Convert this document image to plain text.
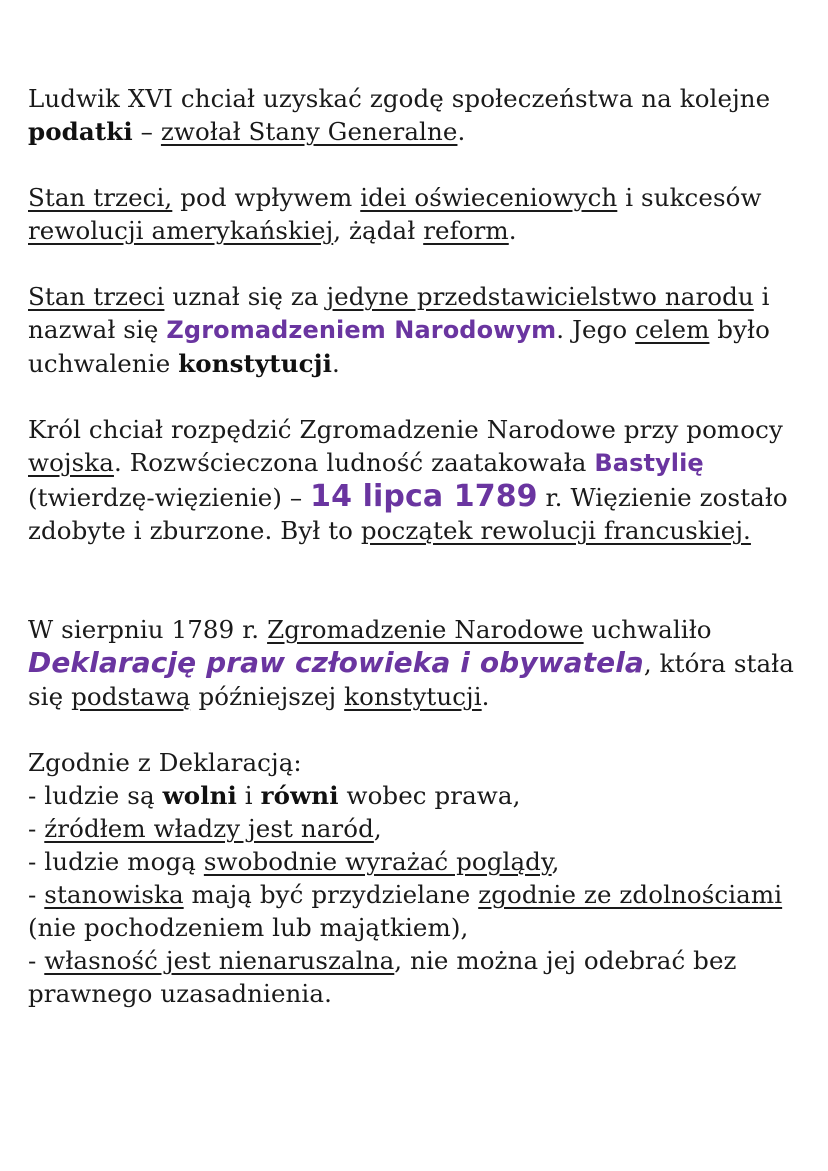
Ludwik XVI chciał uzyskać zgodę społeczeństwa na kolejne podatki – zwołał Stany Generalne.

Stan trzeci, pod wpływem idei oświeceniowych i sukcesów rewolucji amerykańskiej, żądał reform.

Stan trzeci uznał się za jedyne przedstawicielstwo narodu i nazwał się Zgromadzeniem Narodowym. Jego celem było uchwalenie konstytucji.

Król chciał rozpędzić Zgromadzenie Narodowe przy pomocy wojska. Rozwścieczona ludność zaatakowała Bastylię (twierdzę-więzienie) – 14 lipca 1789 r. Więzienie zostało zdobyte i zburzone. Był to początek rewolucji francuskiej.

W sierpniu 1789 r. Zgromadzenie Narodowe uchwaliło Deklarację praw człowieka i obywatela, która stała się podstawą późniejszej konstytucji.

Zgodnie z Deklaracją:

- ludzie są wolni i równi wobec prawa,

- źródłem władzy jest naród,

- ludzie mogą swobodnie wyrażać poglądy,

- stanowiska mają być przydzielane zgodnie ze zdolnościami (nie pochodzeniem lub majątkiem),

- własność jest nienaruszalna, nie można jej odebrać bez prawnego uzasadnienia.
